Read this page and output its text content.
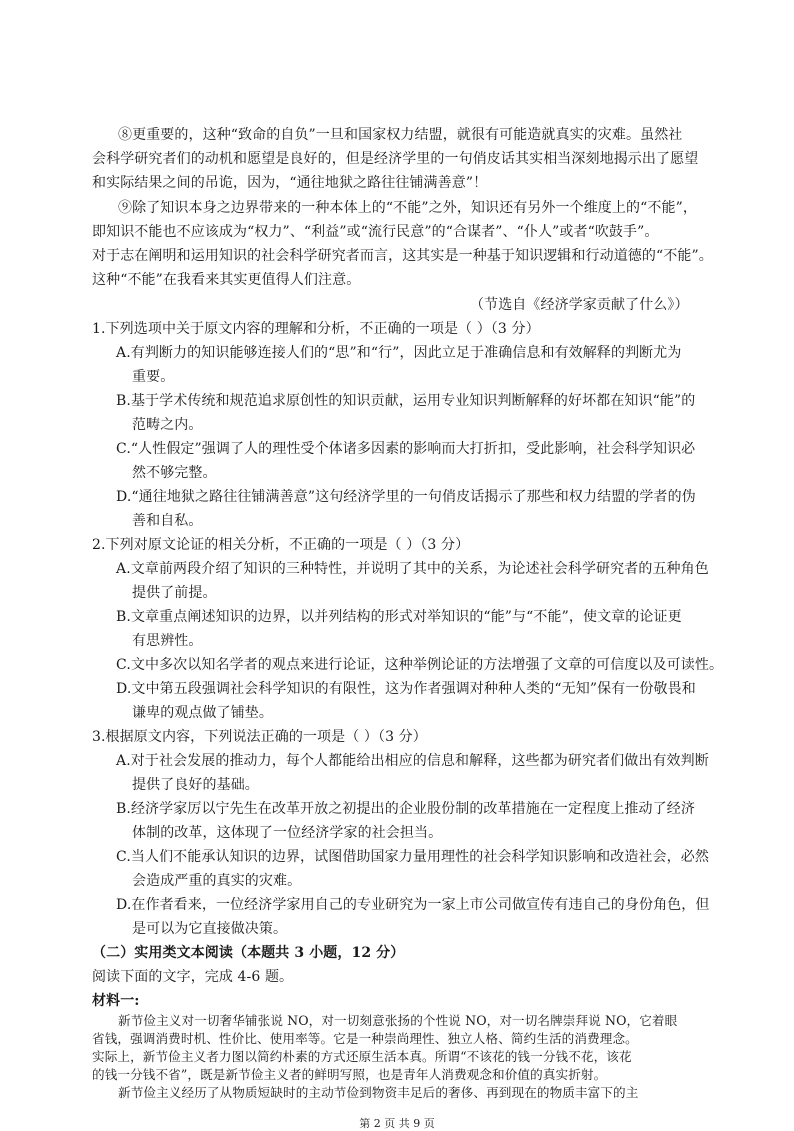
⑧更重要的，这种“致命的自负”一旦和国家权力结盟，就很有可能造就真实的灾难。虽然社

会科学研究者们的动机和愿望是良好的，但是经济学里的一句俏皮话其实相当深刻地揭示出了愿望

和实际结果之间的吊诡，因为，“通往地狱之路往往铺满善意”！

⑨除了知识本身之边界带来的一种本体上的“不能”之外，知识还有另外一个维度上的“不能”，

即知识不能也不应该成为“权力”、“利益”或“流行民意”的“合谋者”、“仆人”或者“吹鼓手”。

对于志在阐明和运用知识的社会科学研究者而言，这其实是一种基于知识逻辑和行动道德的“不能”。

这种“不能”在我看来其实更值得人们注意。

（节选自《经济学家贡献了什么》）

1.下列选项中关于原文内容的理解和分析，不正确的一项是（ ）（3 分）

A.有判断力的知识能够连接人们的“思”和“行”，因此立足于准确信息和有效解释的判断尤为

重要。

B.基于学术传统和规范追求原创性的知识贡献，运用专业知识判断解释的好坏都在知识“能”的

范畴之内。

C.“人性假定”强调了人的理性受个体诸多因素的影响而大打折扣，受此影响，社会科学知识必

然不够完整。

D.“通往地狱之路往往铺满善意”这句经济学里的一句俏皮话揭示了那些和权力结盟的学者的伪

善和自私。

2.下列对原文论证的相关分析，不正确的一项是（ ）（3 分）

A.文章前两段介绍了知识的三种特性，并说明了其中的关系，为论述社会科学研究者的五种角色

提供了前提。

B.文章重点阐述知识的边界，以并列结构的形式对举知识的“能”与“不能”，使文章的论证更

有思辨性。

C.文中多次以知名学者的观点来进行论证，这种举例论证的方法增强了文章的可信度以及可读性。

D.文中第五段强调社会科学知识的有限性，这为作者强调对种种人类的“无知”保有一份敬畏和

谦卑的观点做了铺垫。

3.根据原文内容，下列说法正确的一项是（ ）（3 分）

A.对于社会发展的推动力，每个人都能给出相应的信息和解释，这些都为研究者们做出有效判断

提供了良好的基础。

B.经济学家厉以宁先生在改革开放之初提出的企业股份制的改革措施在一定程度上推动了经济

体制的改革，这体现了一位经济学家的社会担当。

C.当人们不能承认知识的边界，试图借助国家力量用理性的社会科学知识影响和改造社会，必然

会造成严重的真实的灾难。

D.在作者看来，一位经济学家用自己的专业研究为一家上市公司做宣传有违自己的身份角色，但

是可以为它直接做决策。

（二）实用类文本阅读（本题共 3 小题，12 分）

阅读下面的文字，完成 4-6 题。

材料一:

新节俭主义对一切奢华铺张说 NO，对一切刻意张扬的个性说 NO，对一切名牌崇拜说 NO，它着眼

省钱，强调消费时机、性价比、使用率等。它是一种崇尚理性、独立人格、简约生活的消费理念。

第 2 页 共 9 页

实际上，新节俭主义者力图以简约朴素的方式还原生活本真。所谓“不该花的钱一分钱不花，该花

的钱一分钱不省”，既是新节俭主义者的鲜明写照，也是青年人消费观念和价值的真实折射。

新节俭主义经历了从物质短缺时的主动节俭到物资丰足后的奢侈、再到现在的物质丰富下的主
